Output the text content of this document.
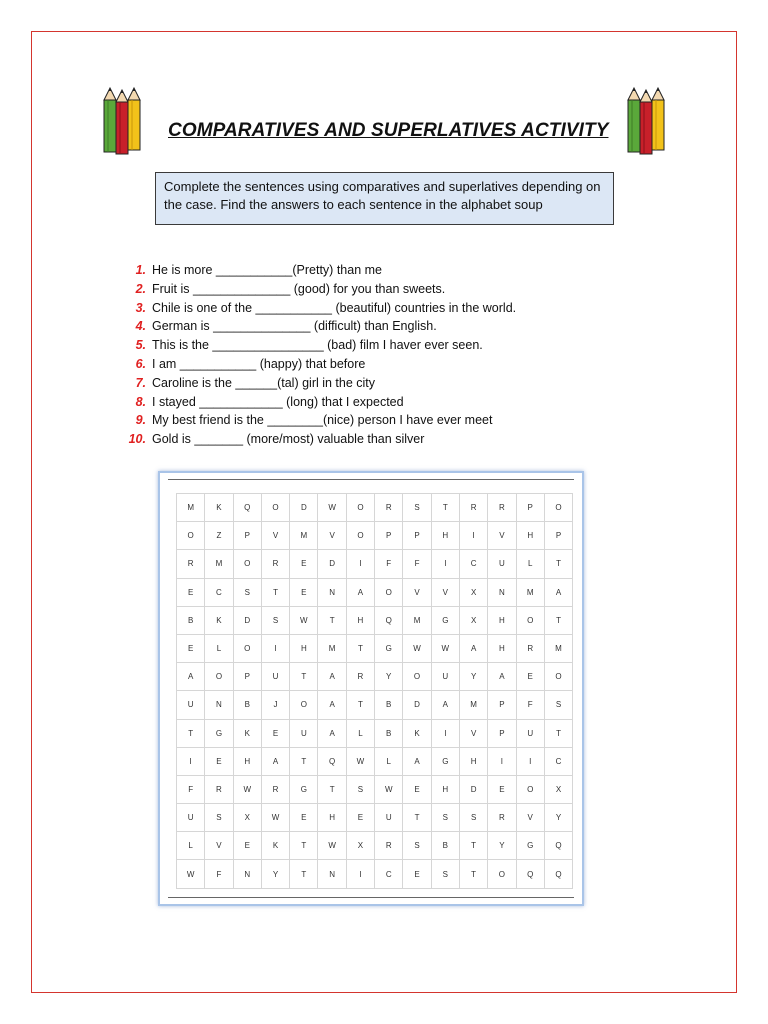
COMPARATIVES AND SUPERLATIVES ACTIVITY
Complete the sentences using comparatives and superlatives depending on the case. Find the answers to each sentence in the alphabet soup
1. He is more ___________(Pretty) than me
2. Fruit is ______________ (good) for you than sweets.
3. Chile is one of the ___________ (beautiful) countries in the world.
4. German is ______________ (difficult) than English.
5. This is the ________________ (bad) film I haver ever seen.
6. I am ___________ (happy) that before
7. Caroline is the ______(tal) girl in the city
8. I stayed ____________ (long) that I expected
9. My best friend is the ________(nice) person I have ever meet
10. Gold is _______ (more/most) valuable than silver
M	K	Q	O	D	W	O	R	S	T	R	R	P	O
O	Z	P	V	M	V	O	P	P	H	I	V	H	P
R	M	O	R	E	D	I	F	F	I	C	U	L	T
E	C	S	T	E	N	A	O	V	V	X	N	M	A
B	K	D	S	W	T	H	Q	M	G	X	H	O	T
E	L	O	I	H	M	T	G	W	W	A	H	R	M
A	O	P	U	T	A	R	Y	O	U	Y	A	E	O
U	N	B	J	O	A	T	B	D	A	M	P	F	S
T	G	K	E	U	A	L	B	K	I	V	P	U	T
I	E	H	A	T	Q	W	L	A	G	H	I	I	C
F	R	W	R	G	T	S	W	E	H	D	E	O	X
U	S	X	W	E	H	E	U	T	S	S	R	V	Y
L	V	E	K	T	W	X	R	S	B	T	Y	G	Q
W	F	N	Y	T	N	I	C	E	S	T	O	Q	Q
